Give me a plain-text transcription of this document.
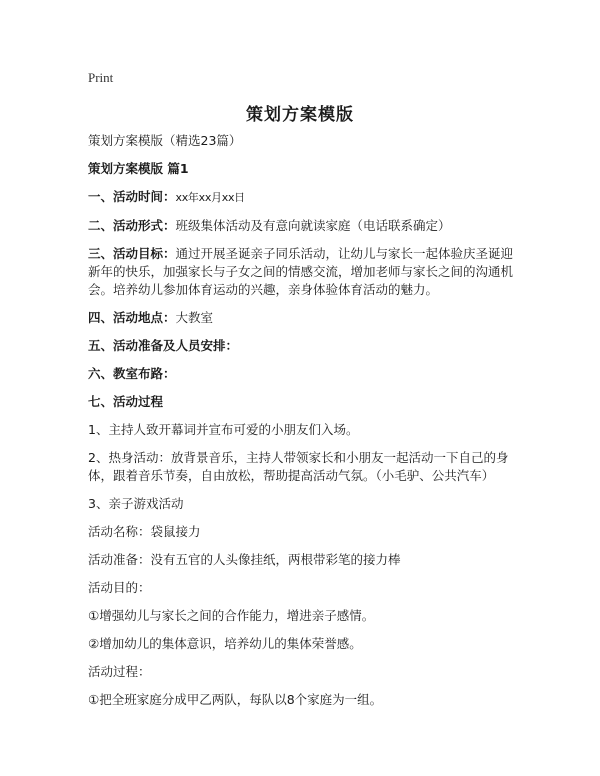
Print
策划方案模版

策划方案模版（精选23篇）

策划方案模版 篇1

一、活动时间：xx年xx月xx日

二、活动形式：班级集体活动及有意向就读家庭（电话联系确定）

三、活动目标：通过开展圣诞亲子同乐活动，让幼儿与家长一起体验庆圣诞迎新年的快乐，加强家长与子女之间的情感交流，增加老师与家长之间的沟通机会。培养幼儿参加体育运动的兴趣，亲身体验体育活动的魅力。

四、活动地点：大教室

五、活动准备及人员安排：

六、教室布路：

七、活动过程

1、主持人致开幕词并宣布可爱的小朋友们入场。

2、热身活动：放背景音乐，主持人带领家长和小朋友一起活动一下自己的身体，跟着音乐节奏，自由放松，帮助提高活动气氛。（小毛驴、公共汽车）

3、亲子游戏活动

活动名称：袋鼠接力

活动准备：没有五官的人头像挂纸，两根带彩笔的接力棒

活动目的：

①增强幼儿与家长之间的合作能力，增进亲子感情。

②增加幼儿的集体意识，培养幼儿的集体荣誉感。

活动过程：

①把全班家庭分成甲乙两队，每队以8个家庭为一组。
